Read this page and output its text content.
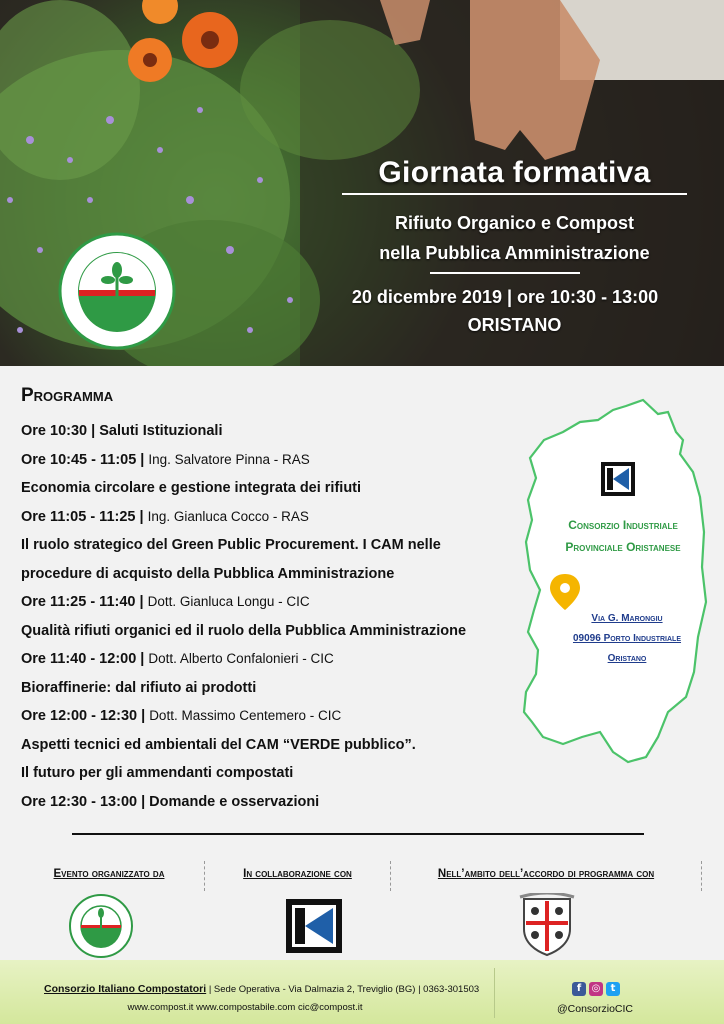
Giornata formativa
Rifiuto Organico e Compost
nella Pubblica Amministrazione
20 dicembre 2019 | ore 10:30 - 13:00
ORISTANO
Programma
Ore 10:30 | Saluti Istituzionali
Ore 10:45 - 11:05 | Ing. Salvatore Pinna - RAS
Economia circolare e gestione integrata dei rifiuti
Ore 11:05 - 11:25 | Ing. Gianluca Cocco - RAS
Il ruolo strategico del Green Public Procurement. I CAM nelle
procedure di acquisto della Pubblica Amministrazione
Ore 11:25 - 11:40 | Dott. Gianluca Longu - CIC
Qualità rifiuti organici ed il ruolo della Pubblica Amministrazione
Ore 11:40 - 12:00 | Dott. Alberto Confalonieri - CIC
Bioraffinerie: dal rifiuto ai prodotti
Ore 12:00 - 12:30 | Dott. Massimo Centemero - CIC
Aspetti tecnici ed ambientali del CAM “VERDE pubblico”.
Il futuro per gli ammendanti compostati
Ore 12:30 - 13:00 | Domande e osservazioni
Consorzio Industriale
Provinciale Oristanese
Via G. Marongiu
09096 Porto Industriale
Oristano
Evento organizzato da	In collaborazione con	Nell’ambito dell’accordo di programma con
Consorzio Italiano Compostatori | Sede Operativa - Via Dalmazia 2, Treviglio (BG) | 0363-301503
www.compost.it www.compostabile.com cic@compost.it
f ◎ t
@ConsorzioCIC
